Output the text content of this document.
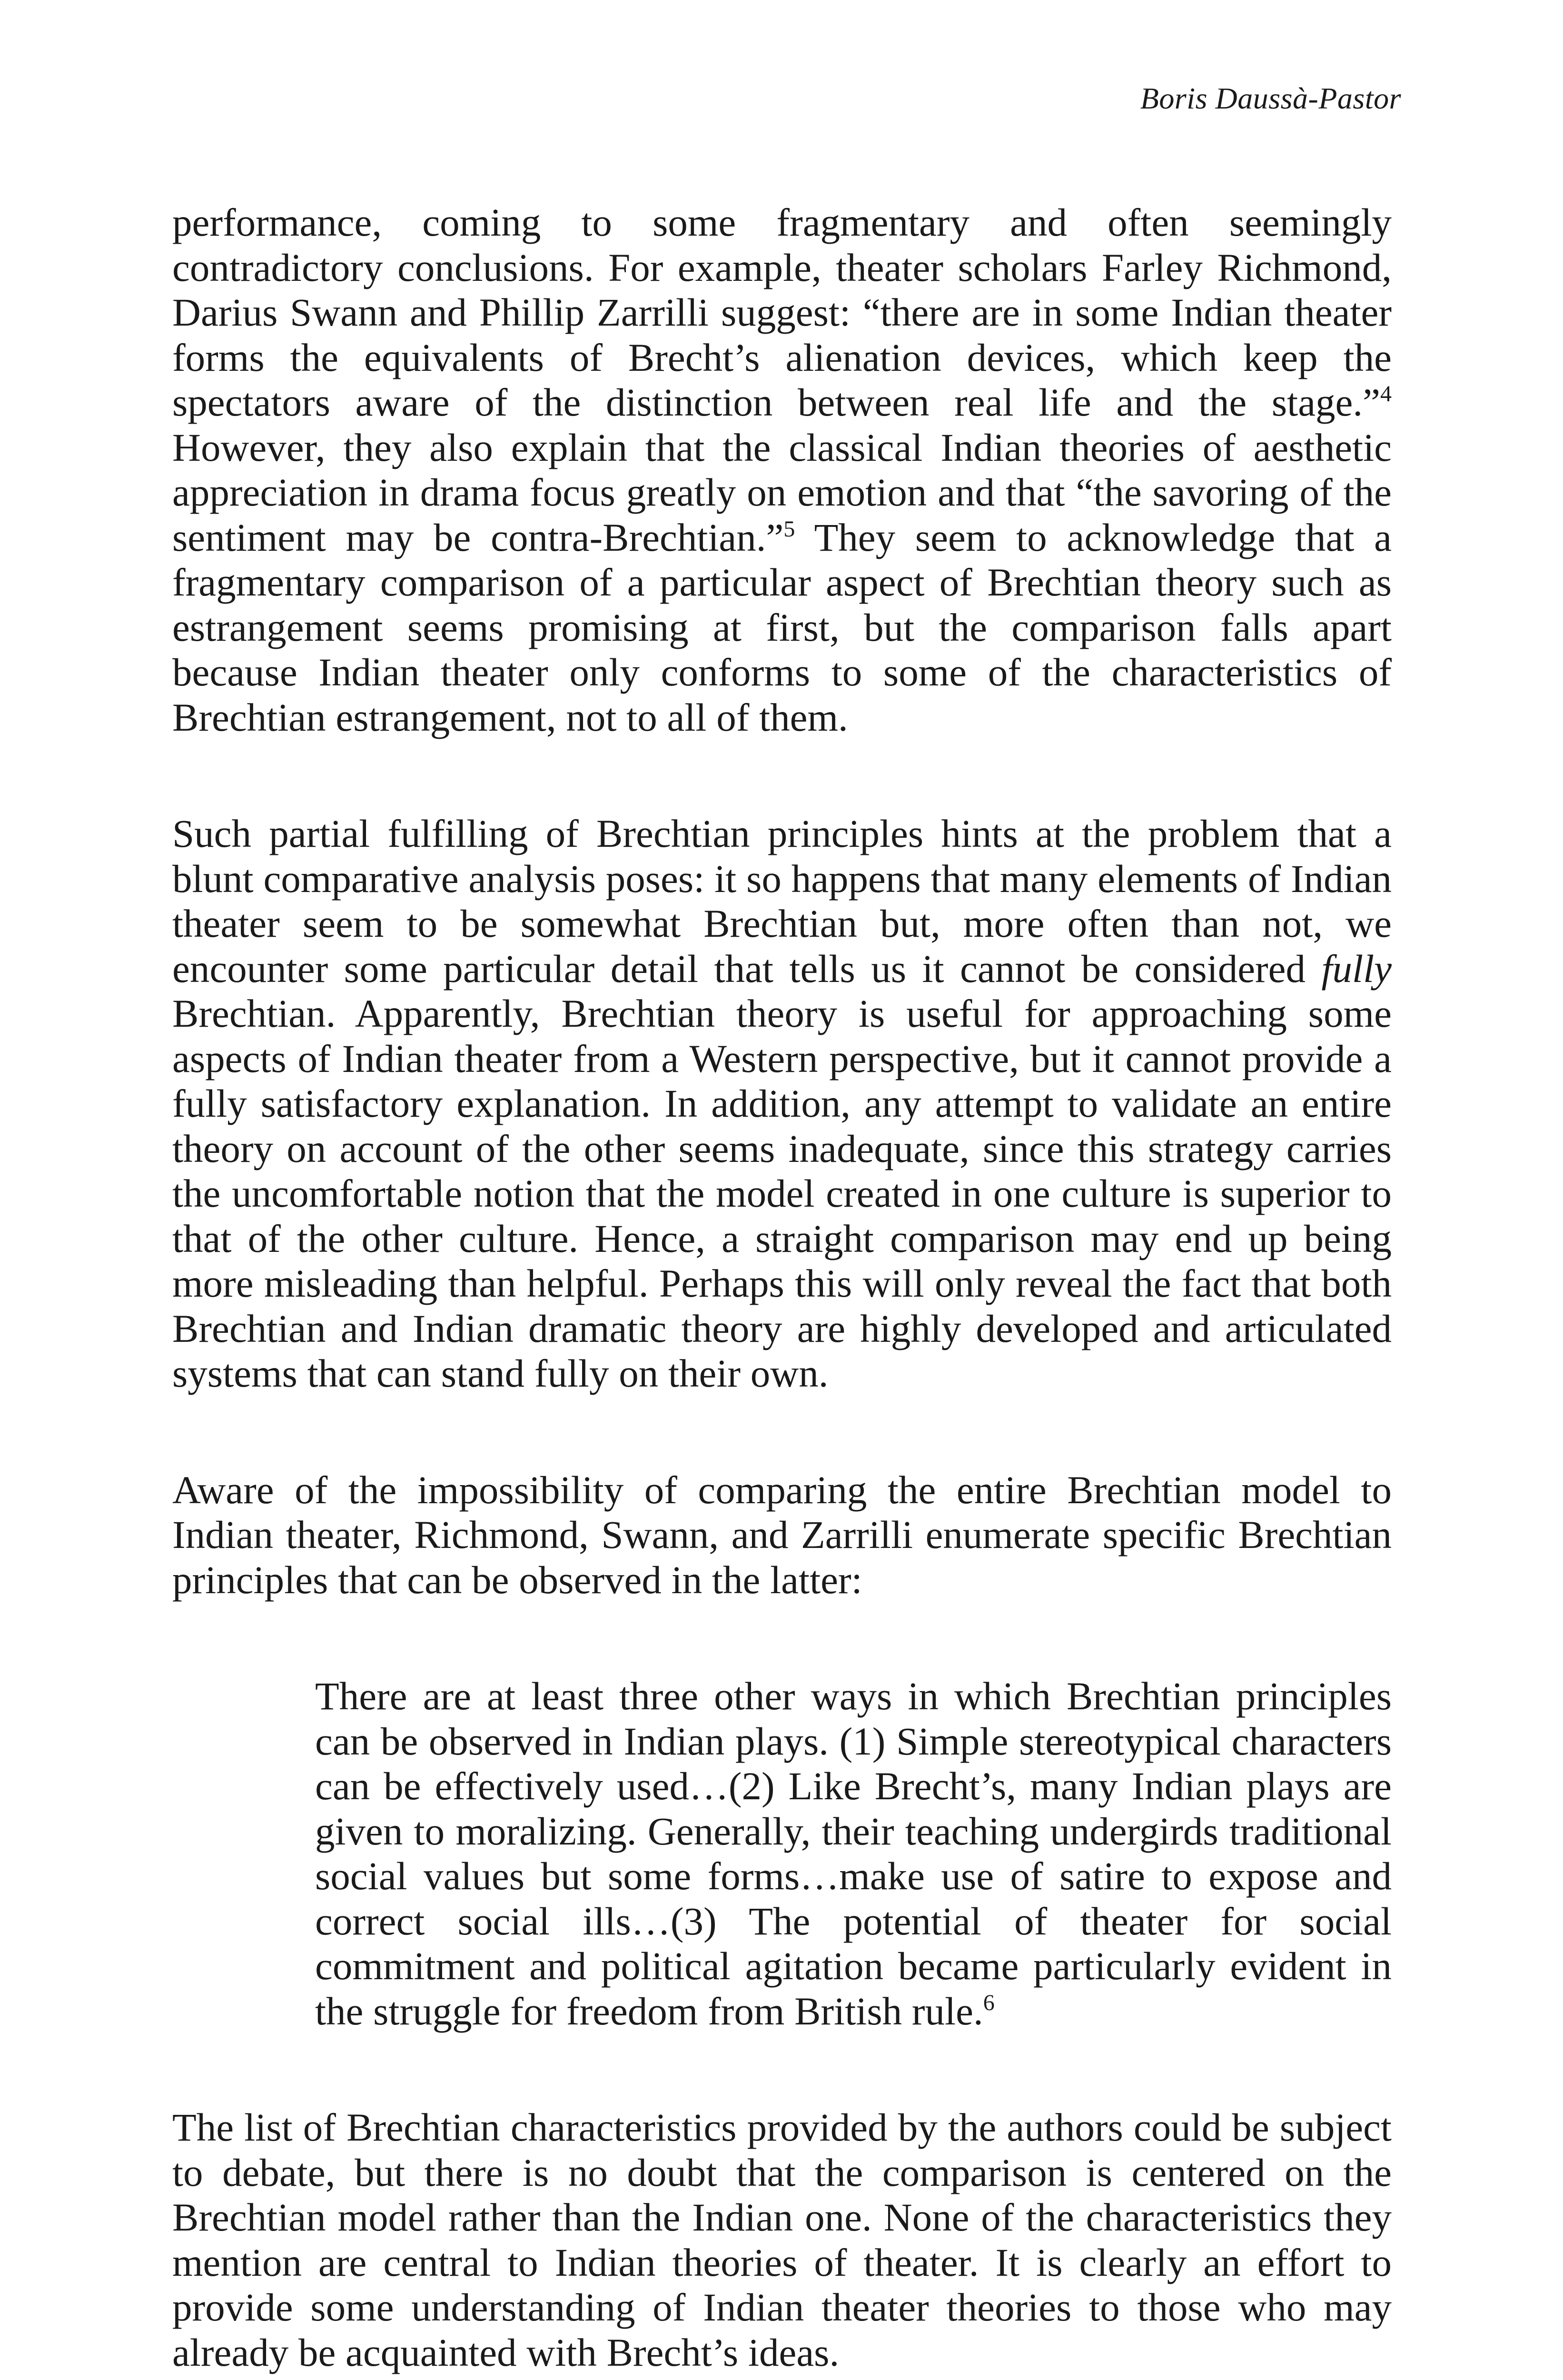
Boris Daussà-Pastor

performance, coming to some fragmentary and often seemingly contradictory conclusions. For example, theater scholars Farley Richmond, Darius Swann and Phillip Zarrilli suggest: “there are in some Indian theater forms the equivalents of Brecht’s alienation devices, which keep the spectators aware of the distinction between real life and the stage.”$^4$ However, they also explain that the classical Indian theories of aesthetic appreciation in drama focus greatly on emotion and that “the savoring of the sentiment may be contra-Brechtian.”$^5$ They seem to acknowledge that a fragmentary comparison of a particular aspect of Brechtian theory such as estrangement seems promising at first, but the comparison falls apart because Indian theater only conforms to some of the characteristics of Brechtian estrangement, not to all of them.

Such partial fulfilling of Brechtian principles hints at the problem that a blunt comparative analysis poses: it so happens that many elements of Indian theater seem to be somewhat Brechtian but, more often than not, we encounter some particular detail that tells us it cannot be considered fully Brechtian. Apparently, Brechtian theory is useful for approaching some aspects of Indian theater from a Western perspective, but it cannot provide a fully satisfactory explanation. In addition, any attempt to validate an entire theory on account of the other seems inadequate, since this strategy carries the uncomfortable notion that the model created in one culture is superior to that of the other culture. Hence, a straight comparison may end up being more misleading than helpful. Perhaps this will only reveal the fact that both Brechtian and Indian dramatic theory are highly developed and articulated systems that can stand fully on their own.

Aware of the impossibility of comparing the entire Brechtian model to Indian theater, Richmond, Swann, and Zarrilli enumerate specific Brechtian principles that can be observed in the latter:

There are at least three other ways in which Brechtian principles can be observed in Indian plays. (1) Simple stereotypical characters can be effectively used…(2) Like Brecht’s, many Indian plays are given to moralizing. Generally, their teaching undergirds traditional social values but some forms…make use of satire to expose and correct social ills…(3) The potential of theater for social commitment and political agitation became particularly evident in the struggle for freedom from British rule.$^6$

The list of Brechtian characteristics provided by the authors could be subject to debate, but there is no doubt that the comparison is centered on the Brechtian model rather than the Indian one. None of the characteristics they mention are central to Indian theories of theater. It is clearly an effort to provide some understanding of Indian theater theories to those who may already be acquainted with Brecht’s ideas.
